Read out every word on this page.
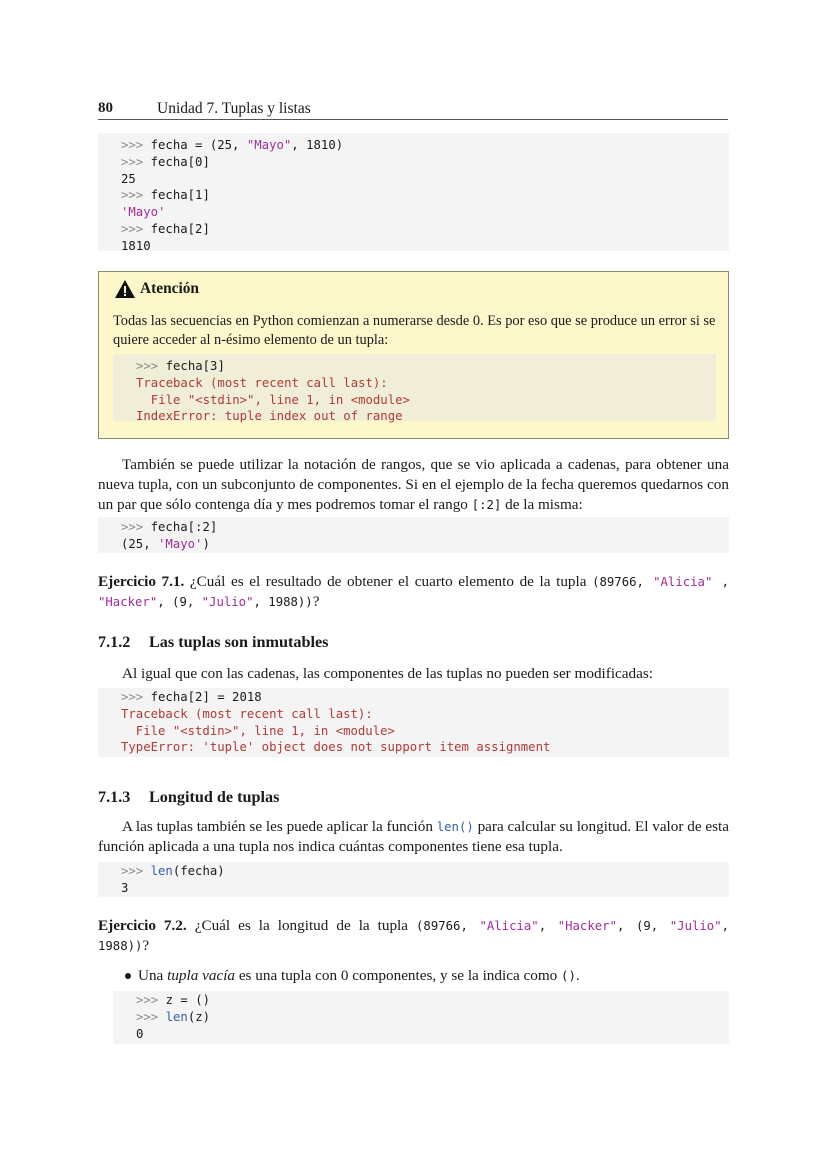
80	Unidad 7. Tuplas y listas
>>> fecha = (25, "Mayo", 1810)
>>> fecha[0]
25
>>> fecha[1]
'Mayo'
>>> fecha[2]
1810
Atención
Todas las secuencias en Python comienzan a numerarse desde 0. Es por eso que se produce un error si se quiere acceder al n-ésimo elemento de un tupla:
>>> fecha[3]
Traceback (most recent call last):
File "<stdin>", line 1, in <module>
IndexError: tuple index out of range

También se puede utilizar la notación de rangos, que se vio aplicada a cadenas, para obtener una nueva tupla, con un subconjunto de componentes. Si en el ejemplo de la fecha queremos quedarnos con un par que sólo contenga día y mes podremos tomar el rango [:2] de la misma:

>>> fecha[:2]
(25, 'Mayo')

Ejercicio 7.1. ¿Cuál es el resultado de obtener el cuarto elemento de la tupla (89766, "Alicia" , "Hacker", (9, "Julio", 1988))?

7.1.2 Las tuplas son inmutables
Al igual que con las cadenas, las componentes de las tuplas no pueden ser modificadas:
>>> fecha[2] = 2018
Traceback (most recent call last):
File "<stdin>", line 1, in <module>
TypeError: 'tuple' object does not support item assignment
7.1.3 Longitud de tuplas

A las tuplas también se les puede aplicar la función len() para calcular su longitud. El valor de esta función aplicada a una tupla nos indica cuántas componentes tiene esa tupla.

>>> len(fecha)
3

Ejercicio 7.2. ¿Cuál es la longitud de la tupla (89766, "Alicia", "Hacker", (9, "Julio", 1988))?

Una tupla vacía es una tupla con 0 componentes, y se la indica como ().

>>> z = ()
>>> len(z)
0
